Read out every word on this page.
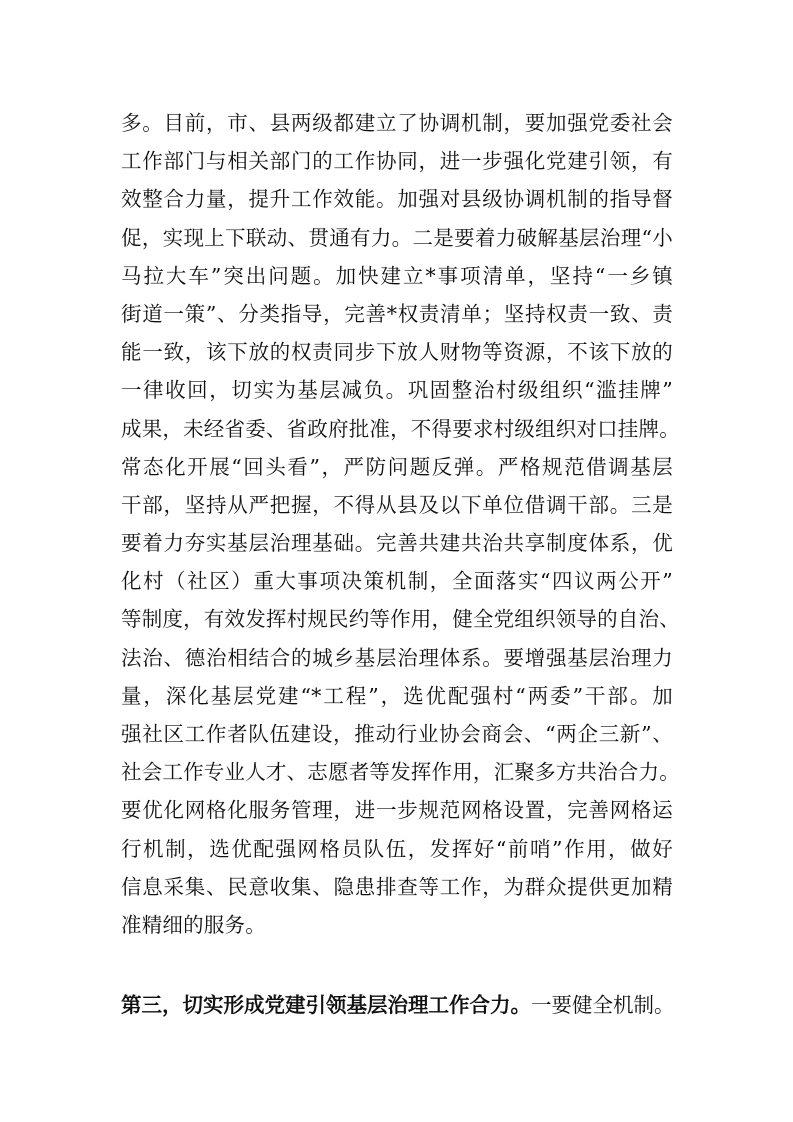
多。目前，市、县两级都建立了协调机制，要加强党委社会
工作部门与相关部门的工作协同，进一步强化党建引领，有
效整合力量，提升工作效能。加强对县级协调机制的指导督
促，实现上下联动、贯通有力。二是要着力破解基层治理“小
马拉大车”突出问题。加快建立*事项清单，坚持“一乡镇
街道一策”、分类指导，完善*权责清单；坚持权责一致、责
能一致，该下放的权责同步下放人财物等资源，不该下放的
一律收回，切实为基层减负。巩固整治村级组织“滥挂牌”
成果，未经省委、省政府批准，不得要求村级组织对口挂牌。
常态化开展“回头看”，严防问题反弹。严格规范借调基层
干部，坚持从严把握，不得从县及以下单位借调干部。三是
要着力夯实基层治理基础。完善共建共治共享制度体系，优
化村（社区）重大事项决策机制，全面落实“四议两公开”
等制度，有效发挥村规民约等作用，健全党组织领导的自治、
法治、德治相结合的城乡基层治理体系。要增强基层治理力
量，深化基层党建“*工程”，选优配强村“两委”干部。加
强社区工作者队伍建设，推动行业协会商会、“两企三新”、
社会工作专业人才、志愿者等发挥作用，汇聚多方共治合力。
要优化网格化服务管理，进一步规范网格设置，完善网格运
行机制，选优配强网格员队伍，发挥好“前哨”作用，做好
信息采集、民意收集、隐患排查等工作，为群众提供更加精
准精细的服务。
第三，切实形成党建引领基层治理工作合力。一要健全机制。
